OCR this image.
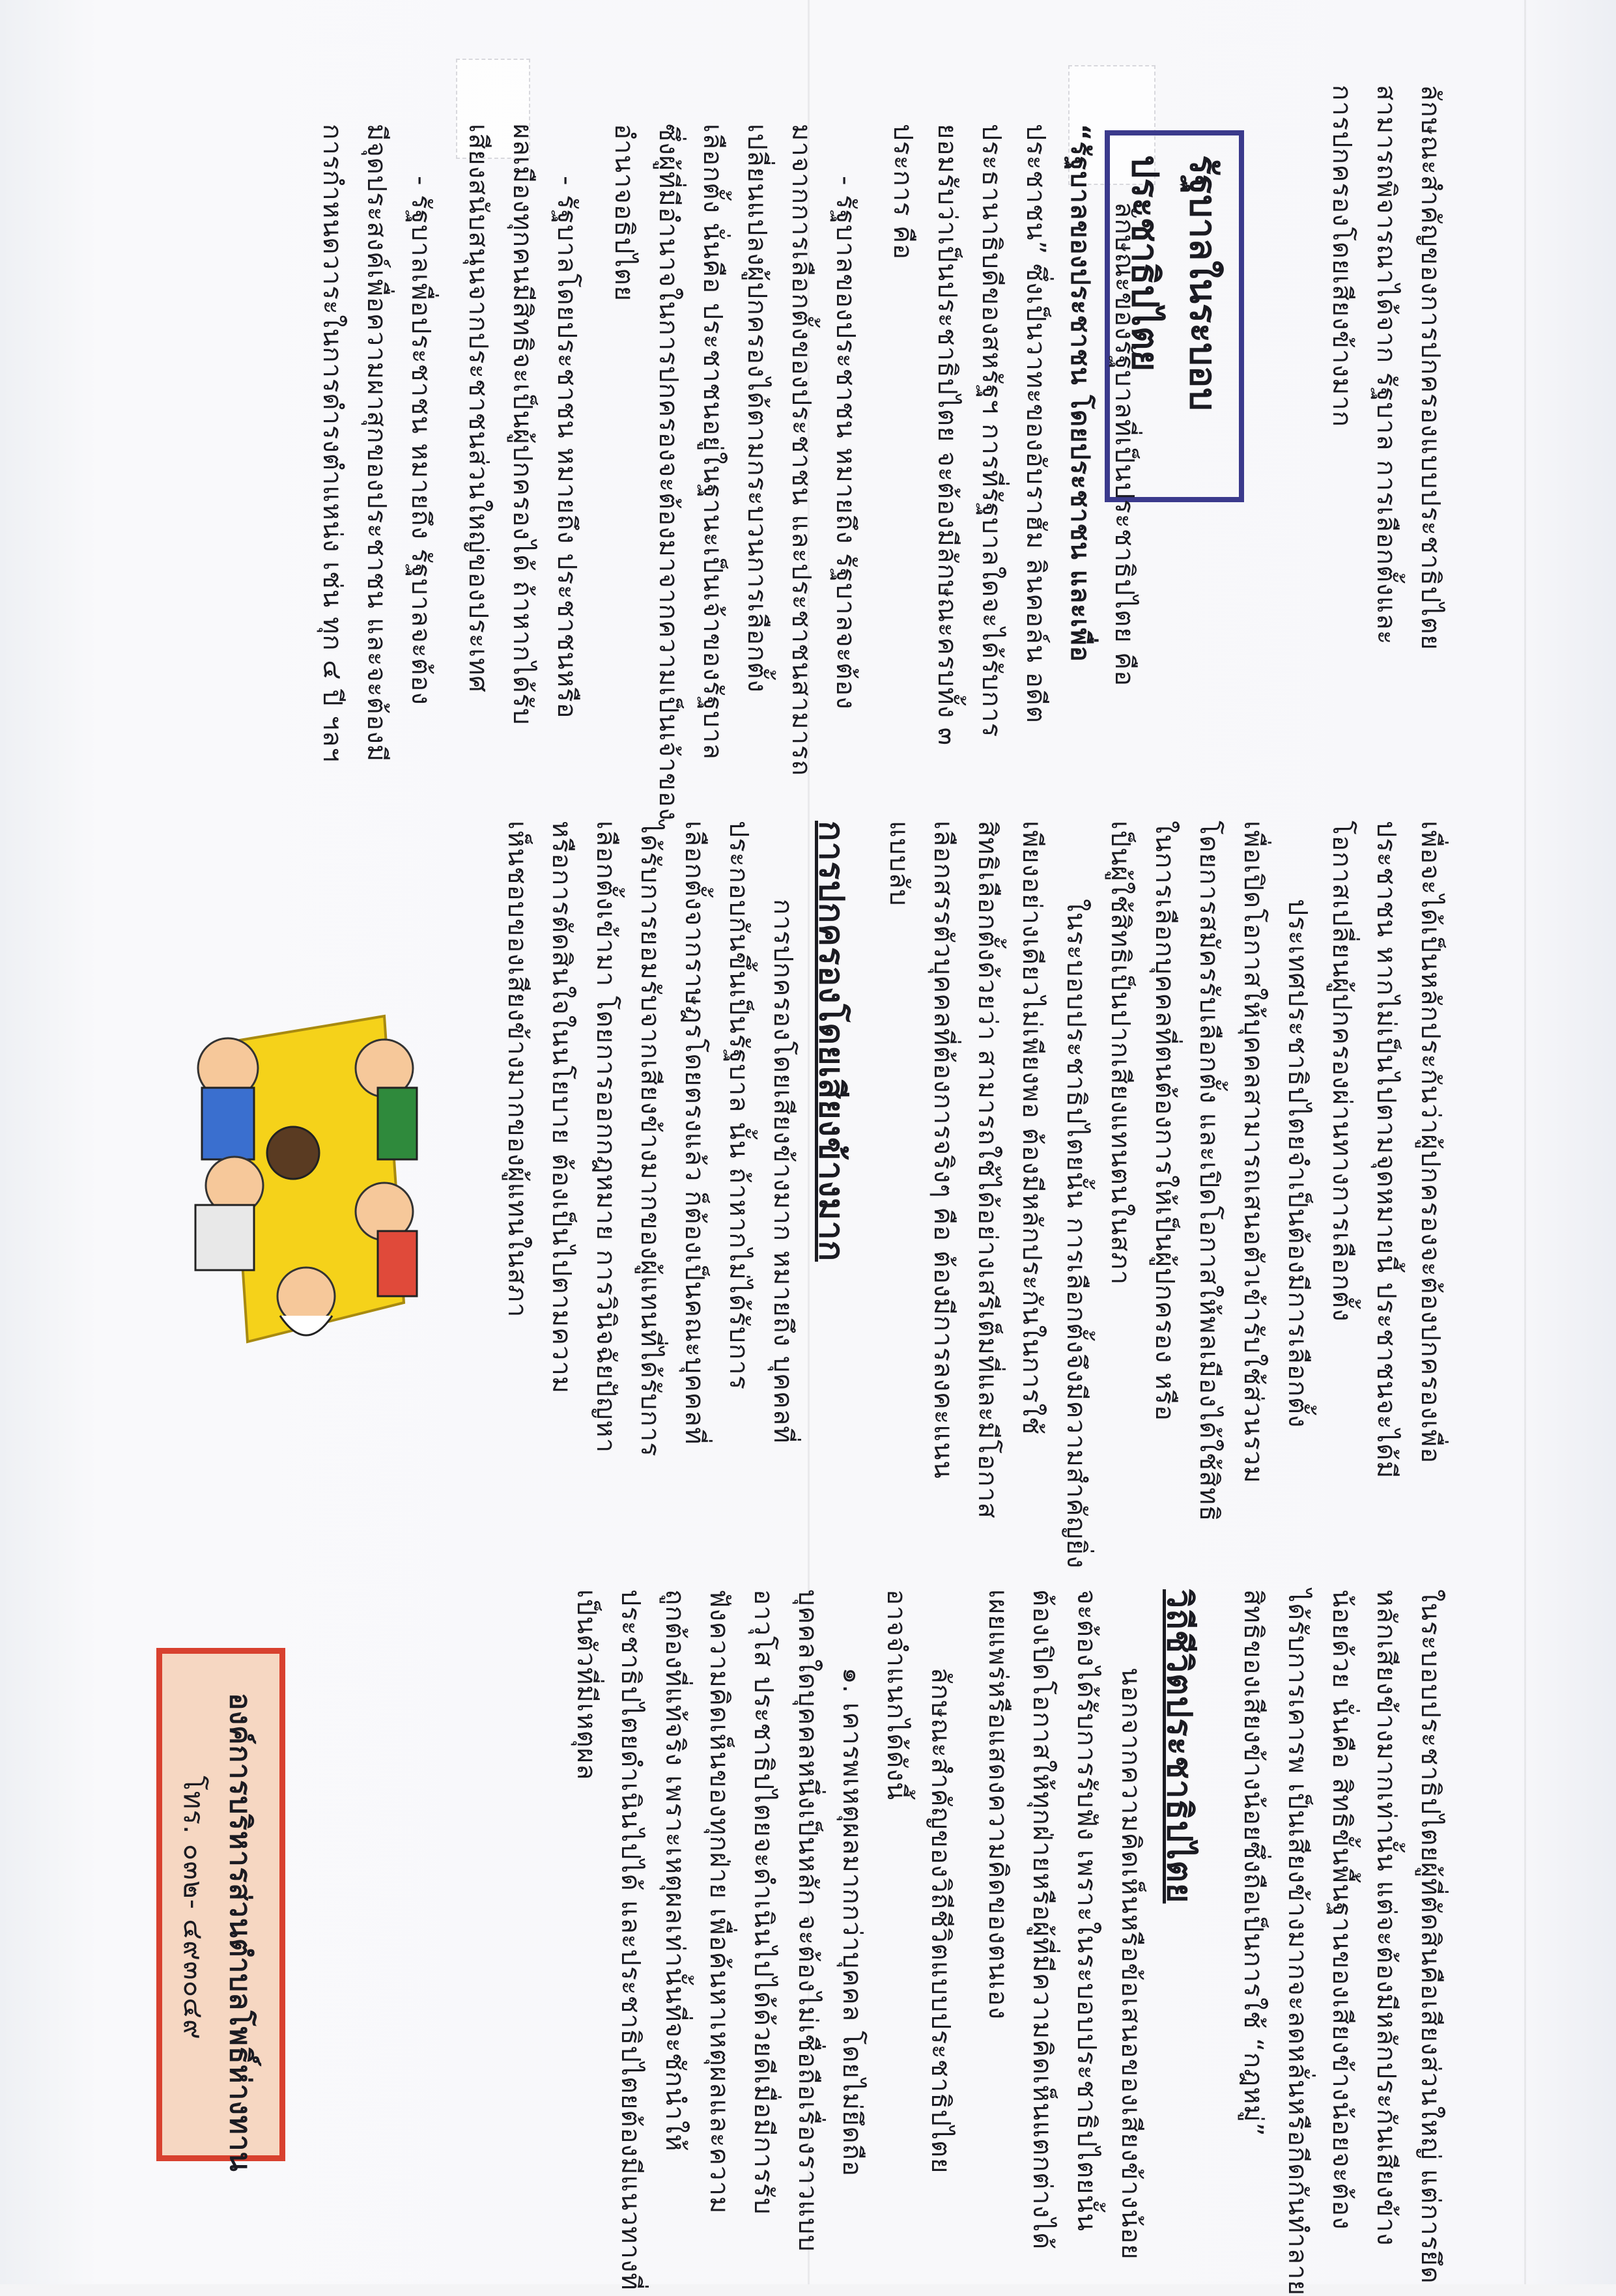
ลักษณะสำคัญของการปกครองแบบประชาธิปไตย
สามารถพิจารณาได้จาก รัฐบาล การเลือกตั้งและ
การปกครองโดยเสียงข้างมาก
รัฐบาลในระบอบประชาธิปไตย
ลักษณะของรัฐบาลที่เป็นประชาธิปไตย คือ
“รัฐบาลของประชาชน โดยประชาชน และเพื่อ
ประชาชน” ซึ่งเป็นวาทะของอับราฮัม ลินคอล์น อดีต
ประธานาธิบดีของสหรัฐฯ การที่รัฐบาลใดจะได้รับการ
ยอมรับว่าเป็นประชาธิปไตย จะต้องมีลักษณะครบทั้ง ๓
ประการ คือ
- รัฐบาลของประชาชน หมายถึง รัฐบาลจะต้อง
มาจากการเลือกตั้งของประชาชน และประชาชนสามารถ
เปลี่ยนแปลงผู้ปกครองได้ตามกระบวนการเลือกตั้ง
เลือกตั้ง นั่นคือ ประชาชนอยู่ในฐานะเป็นเจ้าของรัฐบาล
ซึ่งผู้ที่มีอำนาจในการปกครองจะต้องมาจากความเป็นเจ้าของ
อำนาจอธิปไตย
- รัฐบาลโดยประชาชน หมายถึง ประชาชนหรือ
ผลเมืองทุกคนมีสิทธิจะเป็นผู้ปกครองได้ ถ้าหากได้รับ
เสียงสนับสนุนจากประชาชนส่วนใหญ่ของประเทศ
- รัฐบาลเพื่อประชาชน หมายถึง รัฐบาลจะต้อง
มีจุดประสงค์เพื่อความผาสุกของประชาชน และจะต้องมี
การกำหนดวาระในการดำรงตำแหน่ง เช่น ทุก ๔ ปี ฯลฯ
เพื่อจะได้เป็นหลักประกันว่าผู้ปกครองจะต้องปกครองเพื่อ
ประชาชน หากไม่เป็นไปตามจุดหมายนี้ ประชาชนจะได้มี
โอกาสเปลี่ยนผู้ปกครองผ่านทางการเลือกตั้ง
ประเทศประชาธิปไตยจำเป็นต้องมีการเลือกตั้ง
เพื่อเปิดโอกาสให้บุคคลสามารถเสนอตัวเข้ารับใช้ส่วนรวม
โดยการสมัครรับเลือกตั้ง และเปิดโอกาสให้พลเมืองได้ใช้สิทธิ
ในการเลือกบุคคลที่ตนต้องการให้เป็นผู้ปกครอง หรือ
เป็นผู้ใช้สิทธิเป็นปากเสียงแทนตนในสภา
ในระบอบประชาธิปไตยนั้น การเลือกตั้งจึงมีความสำคัญยิ่ง
เพียงอย่างเดียวไม่เพียงพอ ต้องมีหลักประกันในการใช้
สิทธิเลือกตั้งด้วยว่า สามารถใช้ได้อย่างเสรีเต็มที่และมีโอกาส
เลือกสรรตัวบุคคลที่ต้องการจริงๆ คือ ต้องมีการลงคะแนน
แบบลับ
การปกครองโดยเสียงข้างมาก
การปกครองโดยเสียงข้างมาก หมายถึง บุคคลที่
ประกอบกันขึ้นเป็นรัฐบาล นั้น ถ้าหากไม่ได้รับการ
เลือกตั้งจากราษฎรโดยตรงแล้ว ก็ต้องเป็นคณะบุคคลที่
ได้รับการยอมรับจากเสียงข้างมากของผู้แทนที่ได้รับการ
เลือกตั้งเข้ามา โดยการออกกฎหมาย การวินิจฉัยปัญหา
หรือการตัดสินใจในนโยบาย ต้องเป็นไปตามความ
เห็นชอบของเสียงข้างมากของผู้แทนในสภา
ในระบอบประชาธิปไตยผู้ที่ตัดสินคือเสียงส่วนใหญ่ แต่การยึด
หลักเสียงข้างมากเท่านั้น แต่จะต้องมีหลักประกันเสียงข้าง
น้อยด้วย นั่นคือ สิทธิขั้นพื้นฐานของเสียงข้างน้อยจะต้อง
ได้รับการเคารพ เป็นเสียงข้างมากจะลดหลั่นหรือกีดกันทำลาย
สิทธิของเสียงข้างน้อยซึ่งถือเป็นการใช้ “กฎหมู่”
วิถีชีวิตประชาธิปไตย
นอกจากความคิดเห็นหรือข้อเสนอของเสียงข้างน้อย
จะต้องได้รับการรับฟัง เพราะในระบอบประชาธิปไตยนั้น
ต้องเปิดโอกาสให้ทุกฝ่ายหรือผู้ที่มีความคิดเห็นแตกต่างได้
เผยแพร่หรือแสดงความคิดของตนเอง
ลักษณะสำคัญของวิถีชีวิตแบบประชาธิปไตย
อาจจำแนกได้ดังนี้
๑. เคารพเหตุผลมากกว่าบุคคล โดยไม่ยึดถือ
บุคคลใดบุคคลหนึ่งเป็นหลัก จะต้องไม่เชื่อถือเรื่องราวแบบ
อาวุโส ประชาธิปไตยจะดำเนินไปได้ด้วยดีเมื่อมีการรับ
ฟังความคิดเห็นของทุกฝ่าย เพื่อค้นหาเหตุผลและความ
ถูกต้องที่แท้จริง เพราะเหตุผลเท่านั้นที่จะชักนำให้
ประชาธิปไตยดำเนินไปได้ และประชาธิปไตยต้องมีแนวทางที่
เป็นตัวที่มีเหตุผล
องค์การบริหารส่วนตำบลโพธิ์ห่างทาน
โทร. ๐๓๒- ๔๙๓๐๔๙
